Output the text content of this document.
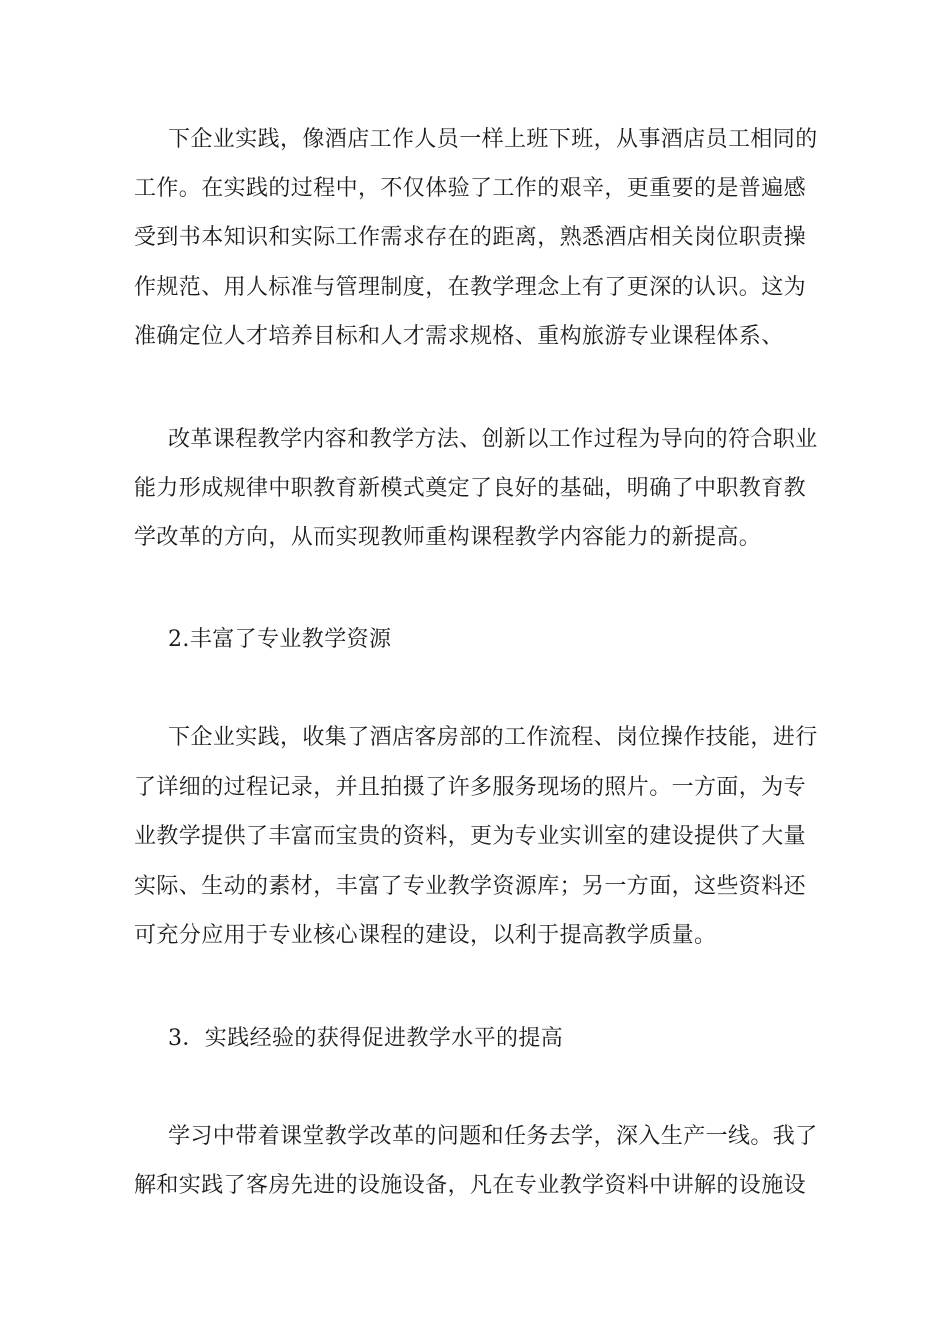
下企业实践，像酒店工作人员一样上班下班，从事酒店员工相同的
工作。在实践的过程中，不仅体验了工作的艰辛，更重要的是普遍感
受到书本知识和实际工作需求存在的距离，熟悉酒店相关岗位职责操
作规范、用人标准与管理制度，在教学理念上有了更深的认识。这为
准确定位人才培养目标和人才需求规格、重构旅游专业课程体系、
改革课程教学内容和教学方法、创新以工作过程为导向的符合职业
能力形成规律中职教育新模式奠定了良好的基础，明确了中职教育教
学改革的方向，从而实现教师重构课程教学内容能力的新提高。
2.丰富了专业教学资源
下企业实践，收集了酒店客房部的工作流程、岗位操作技能，进行
了详细的过程记录，并且拍摄了许多服务现场的照片。一方面，为专
业教学提供了丰富而宝贵的资料，更为专业实训室的建设提供了大量
实际、生动的素材，丰富了专业教学资源库；另一方面，这些资料还
可充分应用于专业核心课程的建设，以利于提高教学质量。
3．实践经验的获得促进教学水平的提高
学习中带着课堂教学改革的问题和任务去学，深入生产一线。我了
解和实践了客房先进的设施设备，凡在专业教学资料中讲解的设施设
